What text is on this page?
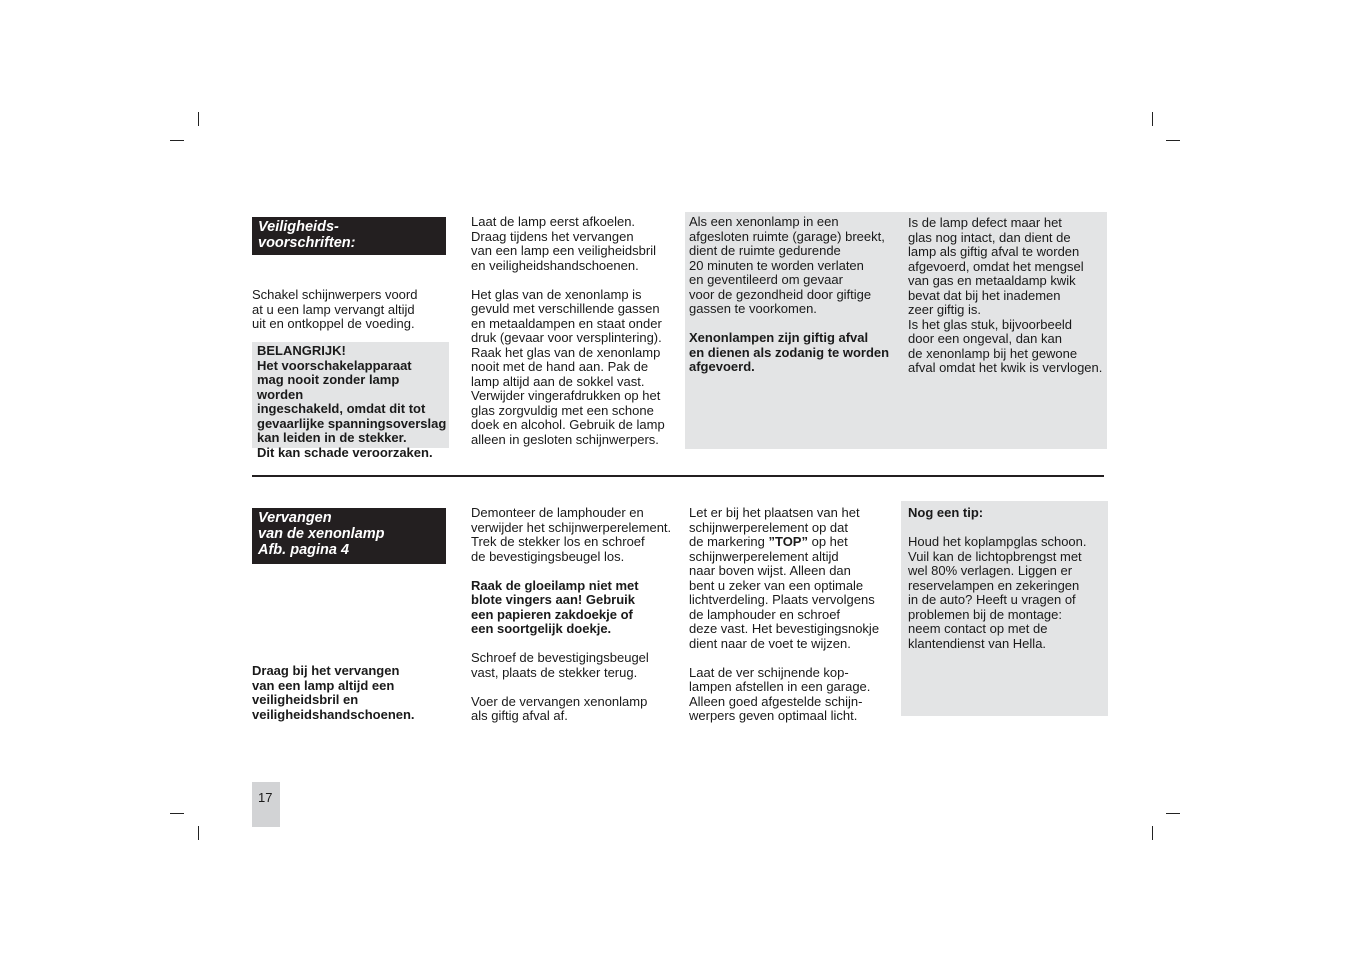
Veiligheids-
voorschriften:

Schakel schijnwerpers voord
at u een lamp vervangt altijd
uit en ontkoppel de voeding.

BELANGRIJK!
Het voorschakelapparaat
mag nooit zonder lamp worden
ingeschakeld, omdat dit tot
gevaarlijke spanningsoverslag
kan leiden in de stekker.
Dit kan schade veroorzaken.

Laat de lamp eerst afkoelen.
Draag tijdens het vervangen
van een lamp een veiligheidsbril
en veiligheidshandschoenen.

Het glas van de xenonlamp is
gevuld met verschillende gassen
en metaaldampen en staat onder
druk (gevaar voor versplintering).
Raak het glas van de xenonlamp
nooit met de hand aan. Pak de
lamp altijd aan de sokkel vast.
Verwijder vingerafdrukken op het
glas zorgvuldig met een schone
doek en alcohol. Gebruik de lamp
alleen in gesloten schijnwerpers.

Als een xenonlamp in een
afgesloten ruimte (garage) breekt,
dient de ruimte gedurende
20 minuten te worden verlaten
en geventileerd om gevaar
voor de gezondheid door giftige
gassen te voorkomen.

Xenonlampen zijn giftig afval
en dienen als zodanig te worden
afgevoerd.

Is de lamp defect maar het
glas nog intact, dan dient de
lamp als giftig afval te worden
afgevoerd, omdat het mengsel
van gas en metaaldamp kwik
bevat dat bij het inademen
zeer giftig is.
Is het glas stuk, bijvoorbeeld
door een ongeval, dan kan
de xenonlamp bij het gewone
afval omdat het kwik is vervlogen.

Vervangen
van de xenonlamp
Afb. pagina 4

Draag bij het vervangen
van een lamp altijd een
veiligheidsbril en
veiligheidshandschoenen.

Demonteer de lamphouder en
verwijder het schijnwerperelement.
Trek de stekker los en schroef
de bevestigingsbeugel los.

Raak de gloeilamp niet met
blote vingers aan! Gebruik
een papieren zakdoekje of
een soortgelijk doekje.

Schroef de bevestigingsbeugel
vast, plaats de stekker terug.

Voer de vervangen xenonlamp
als giftig afval af.

Let er bij het plaatsen van het
schijnwerperelement op dat
de markering ”TOP” op het
schijnwerperelement altijd
naar boven wijst. Alleen dan
bent u zeker van een optimale
lichtverdeling. Plaats vervolgens
de lamphouder en schroef
deze vast. Het bevestigingsnokje
dient naar de voet te wijzen.

Laat de ver schijnende kop-
lampen afstellen in een garage.
Alleen goed afgestelde schijn-
werpers geven optimaal licht.

Nog een tip:

Houd het koplampglas schoon.
Vuil kan de lichtopbrengst met
wel 80% verlagen. Liggen er
reservelampen en zekeringen
in de auto? Heeft u vragen of
problemen bij de montage:
neem contact op met de
klantendienst van Hella.

17
